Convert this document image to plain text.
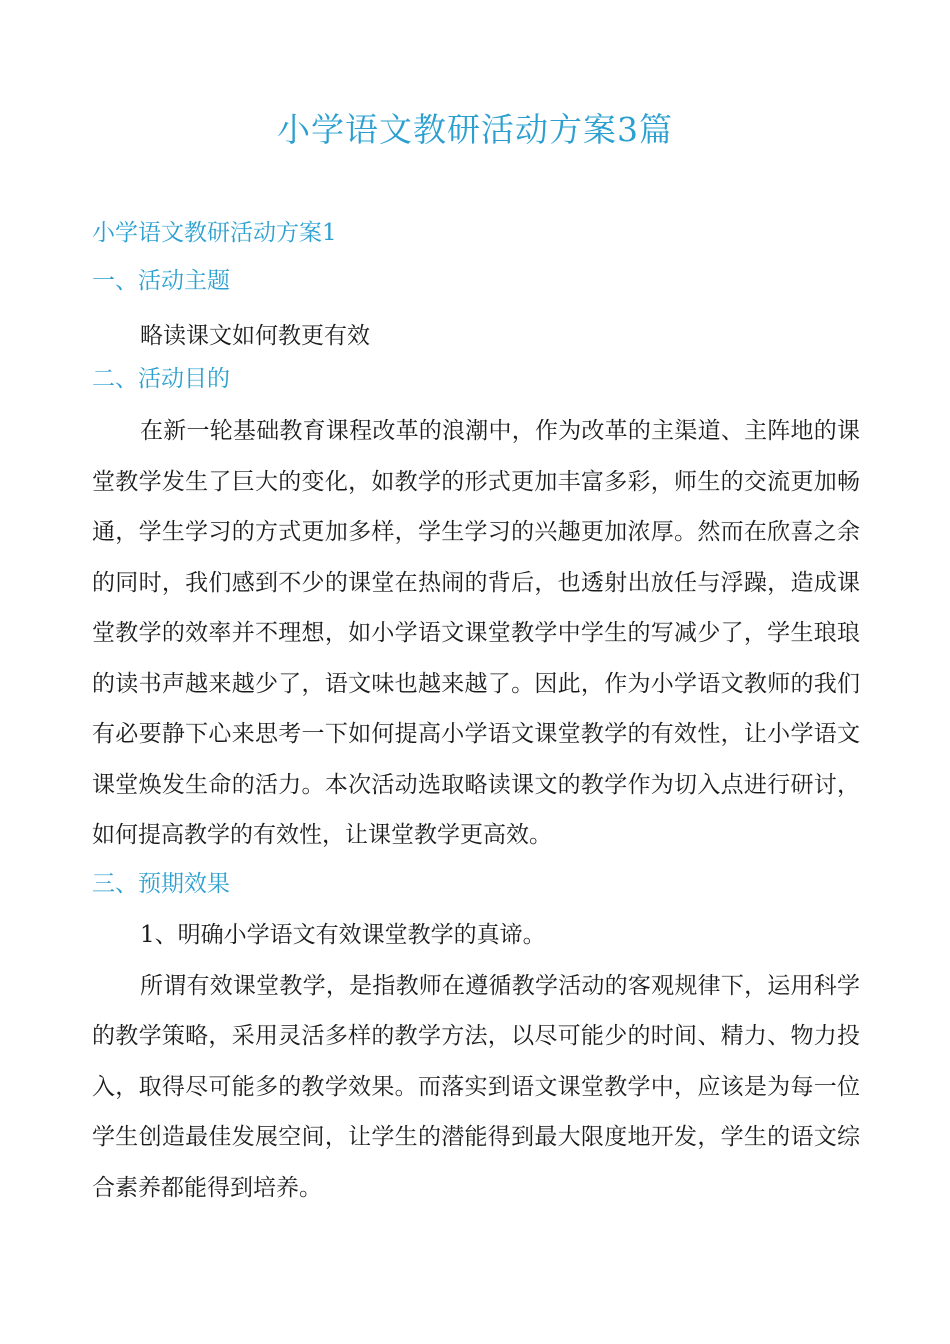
小学语文教研活动方案3篇
小学语文教研活动方案1
一、活动主题

略读课文如何教更有效

二、活动目的

在新一轮基础教育课程改革的浪潮中，作为改革的主渠道、主阵地的课堂教学发生了巨大的变化，如教学的形式更加丰富多彩，师生的交流更加畅通，学生学习的方式更加多样，学生学习的兴趣更加浓厚。然而在欣喜之余的同时，我们感到不少的课堂在热闹的背后，也透射出放任与浮躁，造成课堂教学的效率并不理想，如小学语文课堂教学中学生的写减少了，学生琅琅的读书声越来越少了，语文味也越来越了。因此，作为小学语文教师的我们有必要静下心来思考一下如何提高小学语文课堂教学的有效性，让小学语文课堂焕发生命的活力。本次活动选取略读课文的教学作为切入点进行研讨，如何提高教学的有效性，让课堂教学更高效。

三、预期效果

1、明确小学语文有效课堂教学的真谛。

所谓有效课堂教学，是指教师在遵循教学活动的客观规律下，运用科学的教学策略，采用灵活多样的教学方法，以尽可能少的时间、精力、物力投入，取得尽可能多的教学效果。而落实到语文课堂教学中，应该是为每一位学生创造最佳发展空间，让学生的潜能得到最大限度地开发，学生的语文综合素养都能得到培养。
